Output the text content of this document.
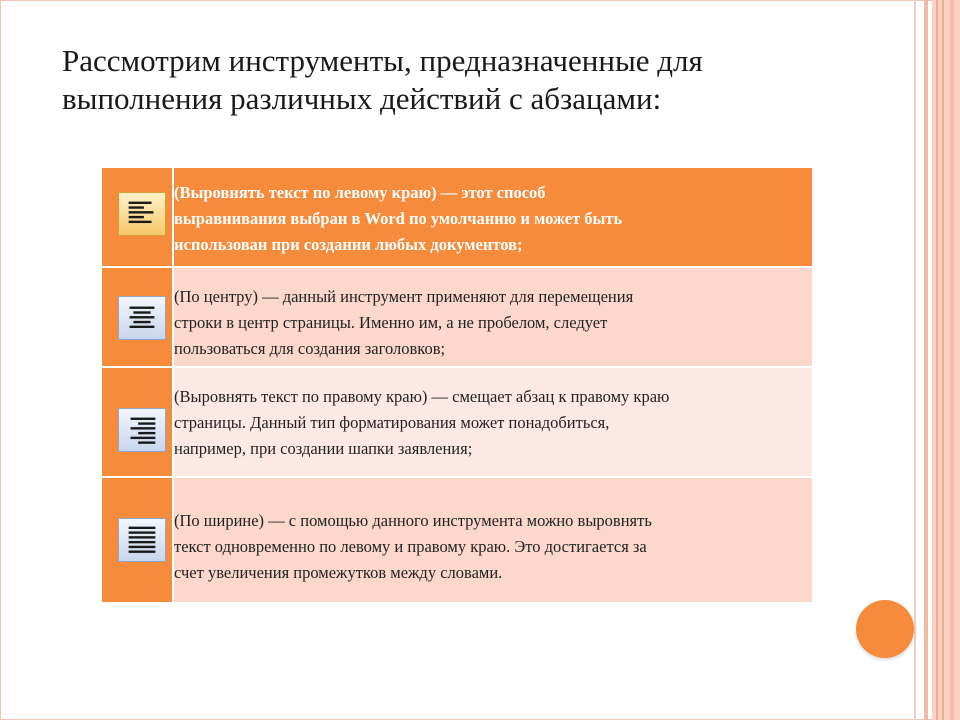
Рассмотрим инструменты, предназначенные для
выполнения различных действий с абзацами:
(Выровнять текст по левому краю) — этот способ
выравнивания выбран в Word по умолчанию и может быть
использован при создании любых документов;
(По центру) — данный инструмент применяют для перемещения
строки в центр страницы. Именно им, а не пробелом, следует
пользоваться для создания заголовков;
(Выровнять текст по правому краю) — смещает абзац к правому краю
страницы. Данный тип форматирования может понадобиться,
например, при создании шапки заявления;
(По ширине) — с помощью данного инструмента можно выровнять
текст одновременно по левому и правому краю. Это достигается за
счет увеличения промежутков между словами.
